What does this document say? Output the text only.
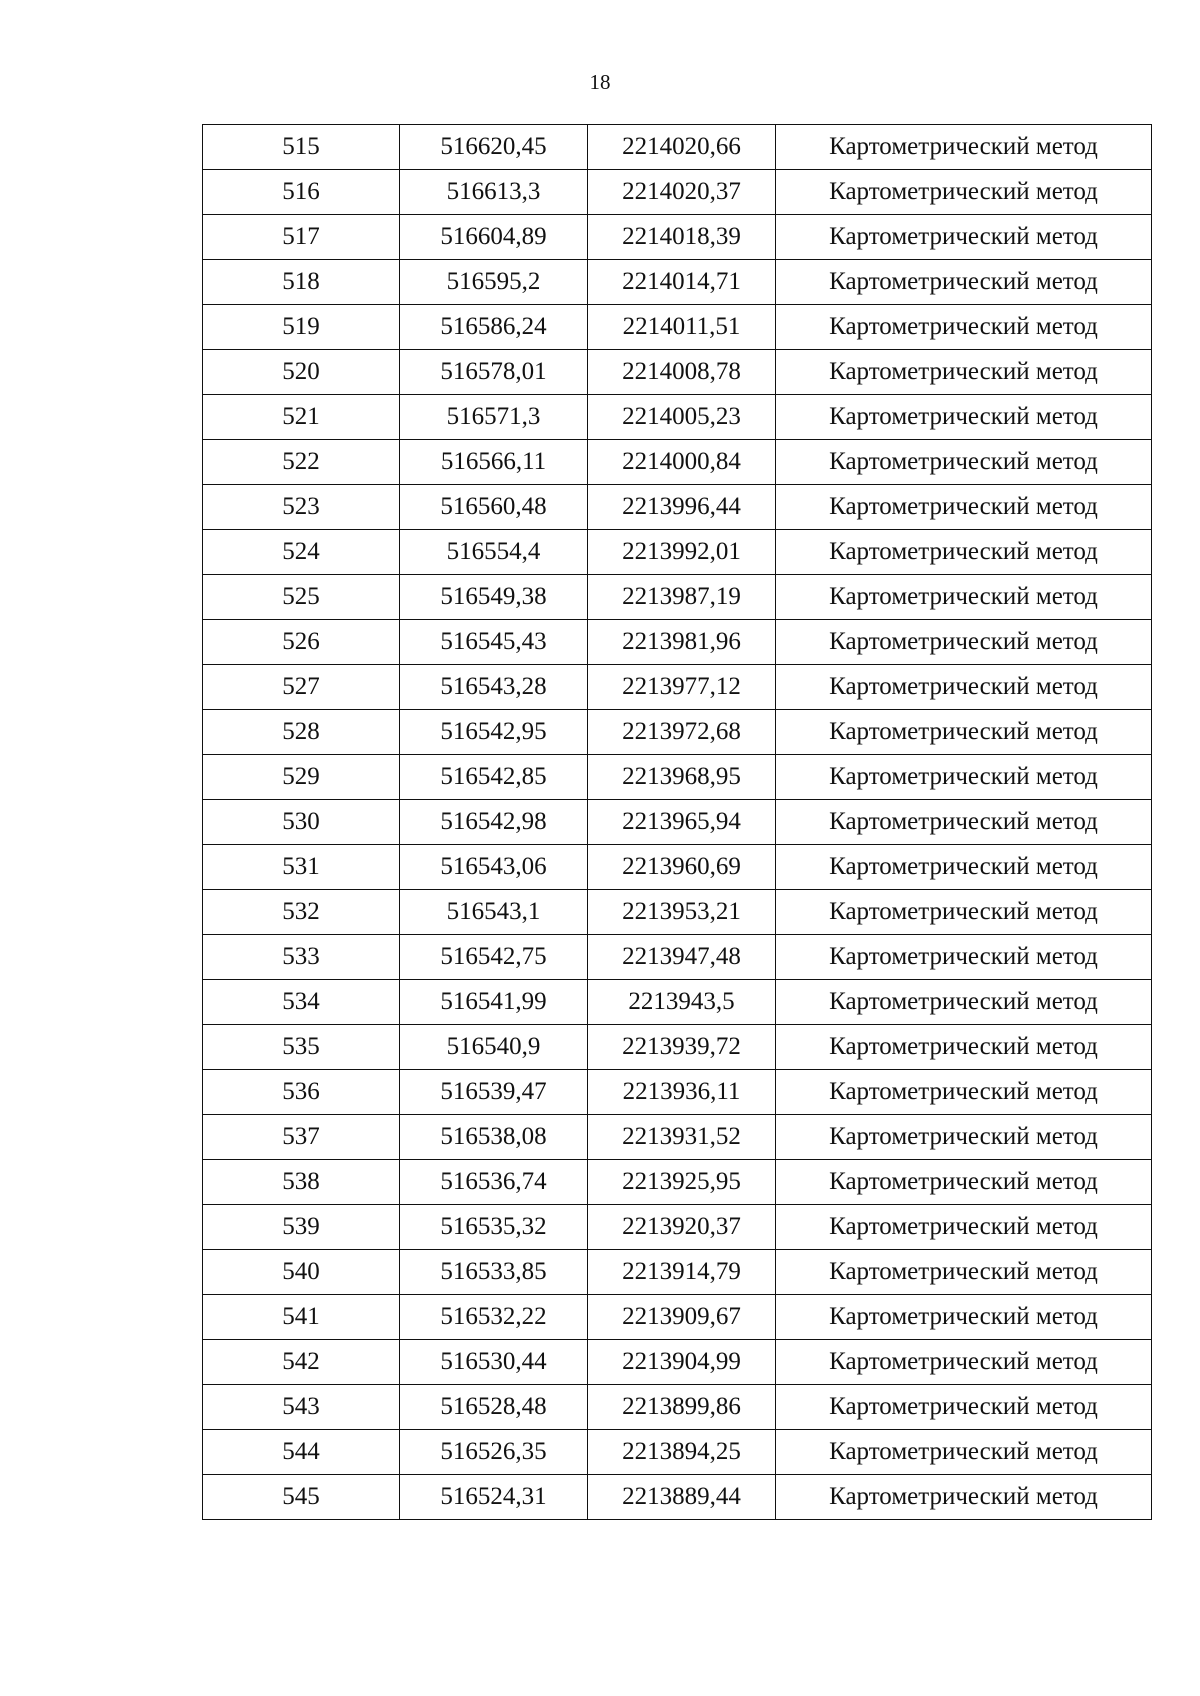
18
515	516620,45	2214020,66	Картометрический метод
516	516613,3	2214020,37	Картометрический метод
517	516604,89	2214018,39	Картометрический метод
518	516595,2	2214014,71	Картометрический метод
519	516586,24	2214011,51	Картометрический метод
520	516578,01	2214008,78	Картометрический метод
521	516571,3	2214005,23	Картометрический метод
522	516566,11	2214000,84	Картометрический метод
523	516560,48	2213996,44	Картометрический метод
524	516554,4	2213992,01	Картометрический метод
525	516549,38	2213987,19	Картометрический метод
526	516545,43	2213981,96	Картометрический метод
527	516543,28	2213977,12	Картометрический метод
528	516542,95	2213972,68	Картометрический метод
529	516542,85	2213968,95	Картометрический метод
530	516542,98	2213965,94	Картометрический метод
531	516543,06	2213960,69	Картометрический метод
532	516543,1	2213953,21	Картометрический метод
533	516542,75	2213947,48	Картометрический метод
534	516541,99	2213943,5	Картометрический метод
535	516540,9	2213939,72	Картометрический метод
536	516539,47	2213936,11	Картометрический метод
537	516538,08	2213931,52	Картометрический метод
538	516536,74	2213925,95	Картометрический метод
539	516535,32	2213920,37	Картометрический метод
540	516533,85	2213914,79	Картометрический метод
541	516532,22	2213909,67	Картометрический метод
542	516530,44	2213904,99	Картометрический метод
543	516528,48	2213899,86	Картометрический метод
544	516526,35	2213894,25	Картометрический метод
545	516524,31	2213889,44	Картометрический метод
